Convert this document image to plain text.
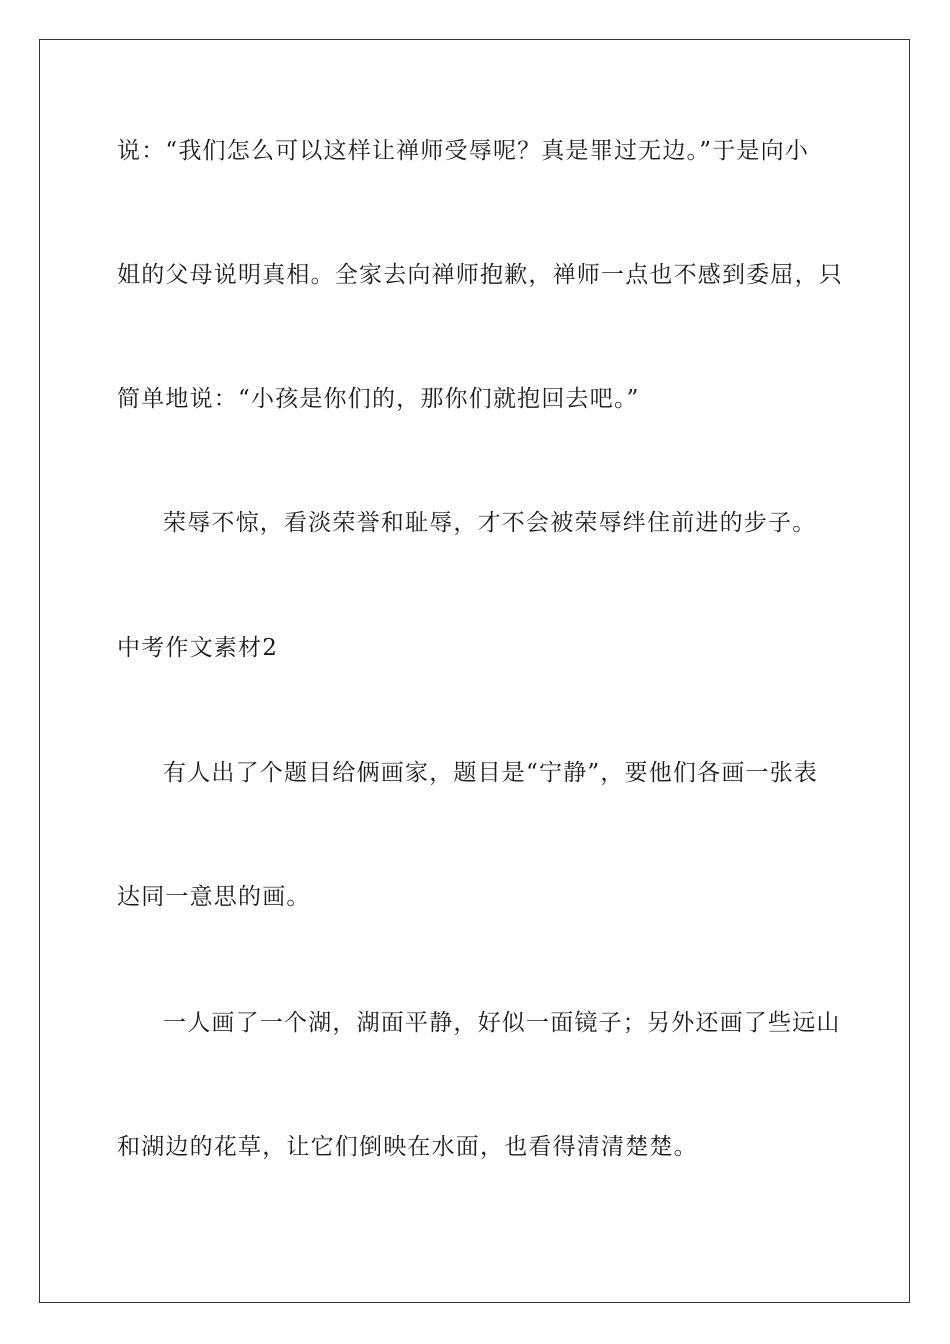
说：“我们怎么可以这样让禅师受辱呢？真是罪过无边。”于是向小
姐的父母说明真相。全家去向禅师抱歉，禅师一点也不感到委屈，只
简单地说：“小孩是你们的，那你们就抱回去吧。”
荣辱不惊，看淡荣誉和耻辱，才不会被荣辱绊住前进的步子。
中考作文素材2
有人出了个题目给俩画家，题目是“宁静”，要他们各画一张表
达同一意思的画。
一人画了一个湖，湖面平静，好似一面镜子；另外还画了些远山
和湖边的花草，让它们倒映在水面，也看得清清楚楚。
